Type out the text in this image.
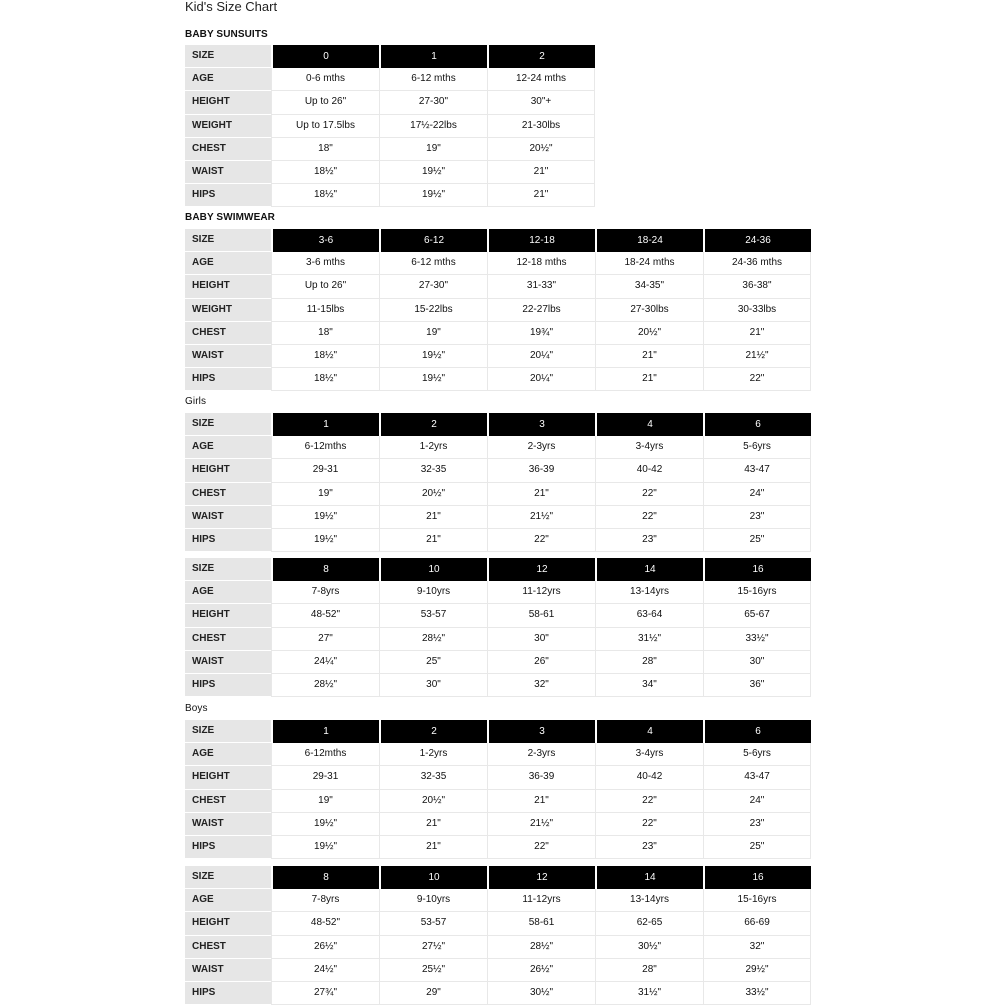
Kid's Size Chart
BABY SUNSUITS
SIZE	0	1	2
AGE	0-6 mths	6-12 mths	12-24 mths
HEIGHT	Up to 26"	27-30"	30"+
WEIGHT	Up to 17.5lbs	17½-22lbs	21-30lbs
CHEST	18"	19"	20½"
WAIST	18½"	19½"	21"
HIPS	18½"	19½"	21"
BABY SWIMWEAR
SIZE	3-6	6-12	12-18	18-24	24-36
AGE	3-6 mths	6-12 mths	12-18 mths	18-24 mths	24-36 mths
HEIGHT	Up to 26"	27-30"	31-33"	34-35"	36-38"
WEIGHT	11-15lbs	15-22lbs	22-27lbs	27-30lbs	30-33lbs
CHEST	18"	19"	19¾"	20½"	21"
WAIST	18½"	19½"	20¼"	21"	21½"
HIPS	18½"	19½"	20¼"	21"	22"
Girls
SIZE	1	2	3	4	6
AGE	6-12mths	1-2yrs	2-3yrs	3-4yrs	5-6yrs
HEIGHT	29-31	32-35	36-39	40-42	43-47
CHEST	19"	20½"	21"	22"	24"
WAIST	19½"	21"	21½"	22"	23"
HIPS	19½"	21"	22"	23"	25"
SIZE	8	10	12	14	16
AGE	7-8yrs	9-10yrs	11-12yrs	13-14yrs	15-16yrs
HEIGHT	48-52"	53-57	58-61	63-64	65-67
CHEST	27"	28½"	30"	31½"	33½"
WAIST	24¼"	25"	26"	28"	30"
HIPS	28½"	30"	32"	34"	36"
Boys
SIZE	1	2	3	4	6
AGE	6-12mths	1-2yrs	2-3yrs	3-4yrs	5-6yrs
HEIGHT	29-31	32-35	36-39	40-42	43-47
CHEST	19"	20½"	21"	22"	24"
WAIST	19½"	21"	21½"	22"	23"
HIPS	19½"	21"	22"	23"	25"
SIZE	8	10	12	14	16
AGE	7-8yrs	9-10yrs	11-12yrs	13-14yrs	15-16yrs
HEIGHT	48-52"	53-57	58-61	62-65	66-69
CHEST	26½"	27½"	28½"	30½"	32"
WAIST	24½"	25½"	26½"	28"	29½"
HIPS	27¾"	29"	30½"	31½"	33½"
